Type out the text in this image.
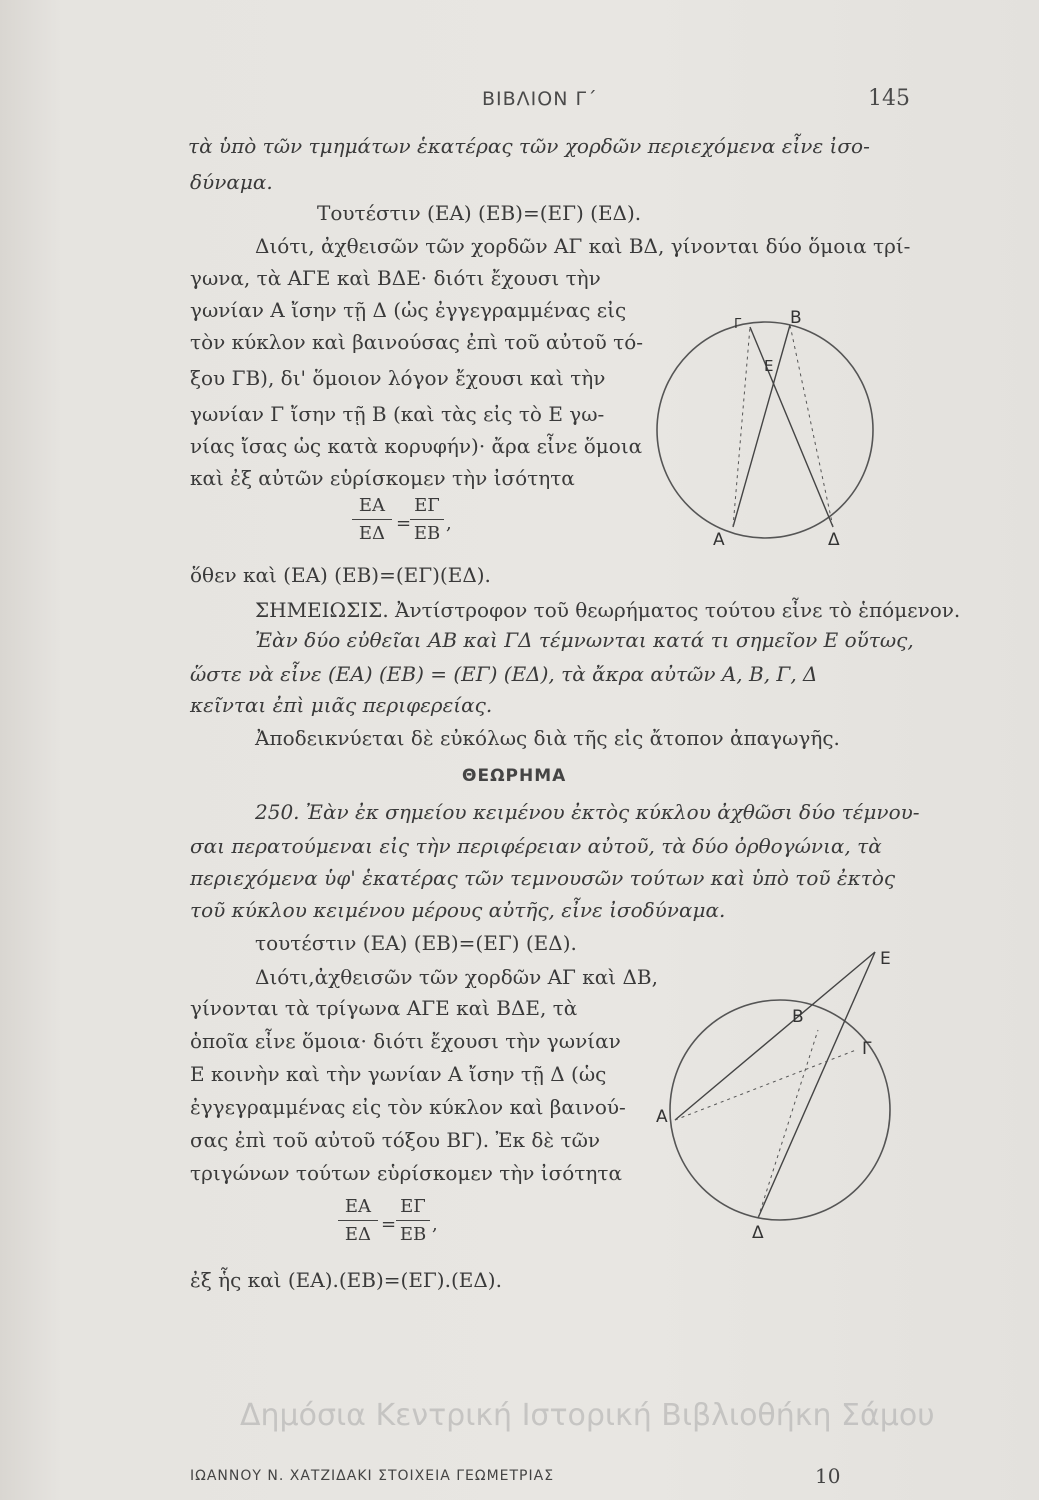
ΒΙΒΛΙΟΝ Γ΄	145
τὰ ὑπὸ τῶν τμημάτων ἑκατέρας τῶν χορδῶν περιεχόμενα εἶνε ἰσο-
δύναμα.
Τουτέστιν (ΕΑ) (ΕΒ)=(ΕΓ) (ΕΔ).
Διότι, ἀχθεισῶν τῶν χορδῶν ΑΓ καὶ ΒΔ, γίνονται δύο ὅμοια τρί-
γωνα, τὰ ΑΓΕ καὶ ΒΔΕ· διότι ἔχουσι τὴν
γωνίαν Α ἴσην τῇ Δ (ὡς ἐγγεγραμμένας εἰς
τὸν κύκλον καὶ βαινούσας ἐπὶ τοῦ αὐτοῦ τό-
ξου ΓΒ), δι' ὅμοιον λόγον ἔχουσι καὶ τὴν
γωνίαν Γ ἴσην τῇ Β (καὶ τὰς εἰς τὸ Ε γω-
νίας ἴσας ὡς κατὰ κορυφήν)· ἄρα εἶνε ὅμοια
καὶ ἐξ αὐτῶν εὑρίσκομεν τὴν ἰσότητα
ΕΑ
ΕΔ =
ΕΓ
ΕΒ ,
ὅθεν καὶ (ΕΑ) (ΕΒ)=(ΕΓ)(ΕΔ).
ΣΗΜΕΙΩΣΙΣ. Ἀντίστροφον τοῦ θεωρήματος τούτου εἶνε τὸ ἑπόμενον.
Ἐὰν δύο εὐθεῖαι ΑΒ καὶ ΓΔ τέμνωνται κατά τι σημεῖον Ε οὕτως,
ὥστε νὰ εἶνε (ΕΑ) (ΕΒ) = (ΕΓ) (ΕΔ), τὰ ἄκρα αὐτῶν Α, Β, Γ, Δ
κεῖνται ἐπὶ μιᾶς περιφερείας.
Ἀποδεικνύεται δὲ εὐκόλως διὰ τῆς εἰς ἄτοπον ἀπαγωγῆς.
ΘΕΩΡΗΜΑ
250. Ἐὰν ἐκ σημείου κειμένου ἐκτὸς κύκλου ἀχθῶσι δύο τέμνου-
σαι περατούμεναι εἰς τὴν περιφέρειαν αὐτοῦ, τὰ δύο ὀρθογώνια, τὰ
περιεχόμενα ὑφ' ἑκατέρας τῶν τεμνουσῶν τούτων καὶ ὑπὸ τοῦ ἐκτὸς
τοῦ κύκλου κειμένου μέρους αὐτῆς, εἶνε ἰσοδύναμα.
τουτέστιν (ΕΑ) (ΕΒ)=(ΕΓ) (ΕΔ).
Διότι,ἀχθεισῶν τῶν χορδῶν ΑΓ καὶ ΔΒ,
γίνονται τὰ τρίγωνα ΑΓΕ καὶ ΒΔΕ, τὰ
ὁποῖα εἶνε ὅμοια· διότι ἔχουσι τὴν γωνίαν
Ε κοινὴν καὶ τὴν γωνίαν Α ἴσην τῇ Δ (ὡς
ἐγγεγραμμένας εἰς τὸν κύκλον καὶ βαινού-
σας ἐπὶ τοῦ αὐτοῦ τόξου ΒΓ). Ἐκ δὲ τῶν
τριγώνων τούτων εὑρίσκομεν τὴν ἰσότητα
ΕΑ
ΕΔ =
ΕΓ
ΕΒ ,
ἐξ ἧς καὶ (ΕΑ).(ΕΒ)=(ΕΓ).(ΕΔ).
A
B
Γ
Δ
E
A
B
Γ
Δ
E
Δημόσια Κεντρική Ιστορική Βιβλιοθήκη Σάμου
ΙΩΑΝΝΟΥ Ν. ΧΑΤΖΙΔΑΚΙ ΣΤΟΙΧΕΙΑ ΓΕΩΜΕΤΡΙΑΣ	10
